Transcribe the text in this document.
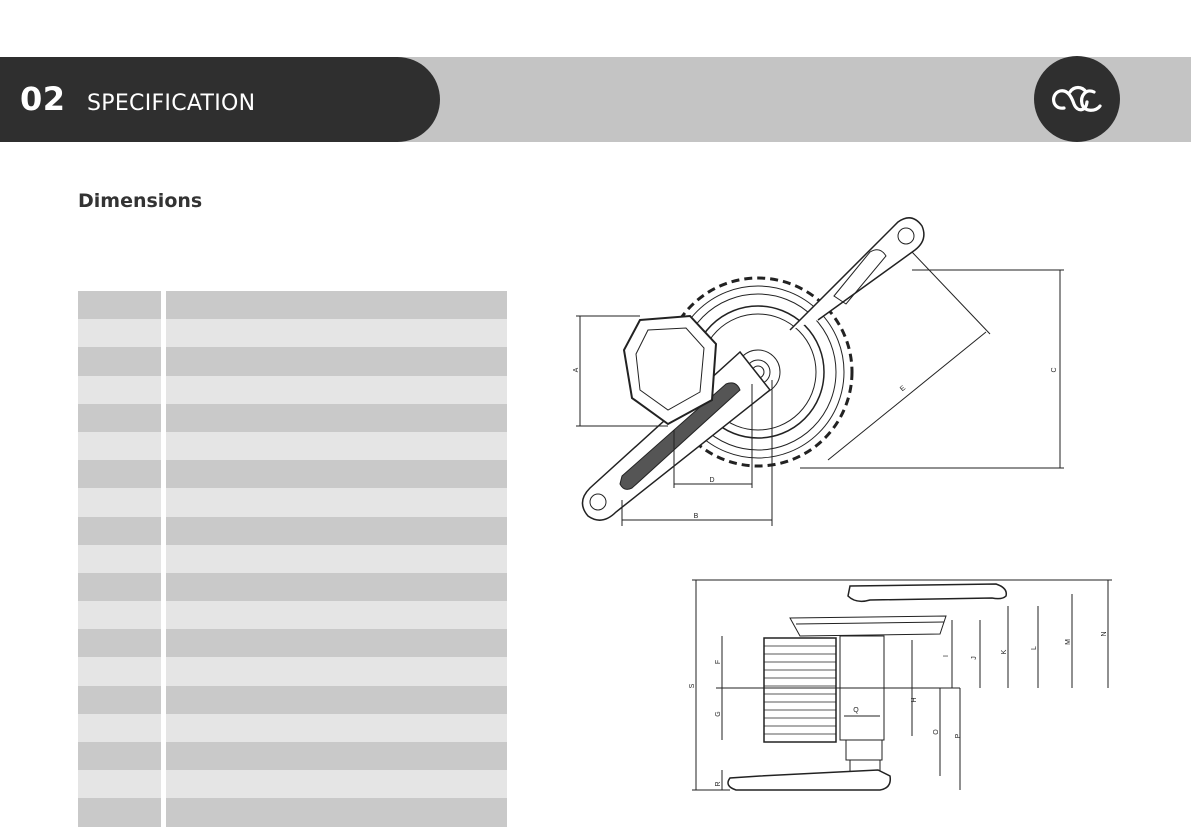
02 SPECIFICATION
Dimensions
A
B
C
D
E
F
G
H
I
J
K
L
M
N
O
P
Q
R
S
